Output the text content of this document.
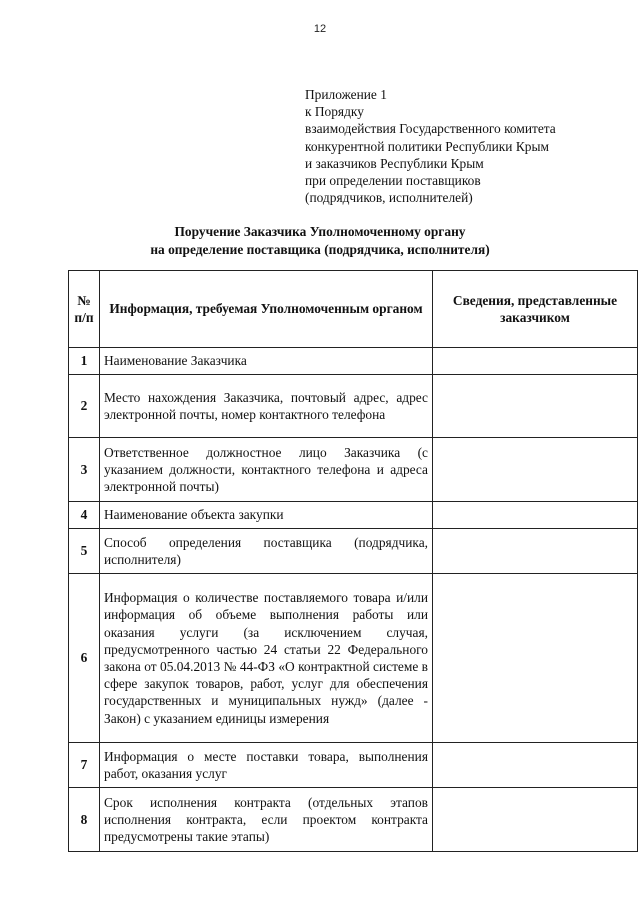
12
Приложение 1
к Порядку
взаимодействия Государственного комитета
конкурентной политики Республики Крым
и заказчиков Республики Крым
при определении поставщиков
(подрядчиков, исполнителей)
Поручение Заказчика Уполномоченному органу
на определение поставщика (подрядчика, исполнителя)
№ п/п	Информация, требуемая Уполномоченным органом	Сведения, представленные заказчиком
1	Наименование Заказчика	
2	Место нахождения Заказчика, почтовый адрес, адрес электронной почты, номер контактного телефона	
3	Ответственное должностное лицо Заказчика (с указанием должности, контактного телефона и адреса электронной почты)	
4	Наименование объекта закупки	
5	Способ определения поставщика (подрядчика, исполнителя)	
6	Информация о количестве поставляемого товара и/или информация об объеме выполнения работы или оказания услуги (за исключением случая, предусмотренного частью 24 статьи 22 Федерального закона от 05.04.2013 № 44-ФЗ «О контрактной системе в сфере закупок товаров, работ, услуг для обеспечения государственных и муниципальных нужд» (далее - Закон) с указанием единицы измерения	
7	Информация о месте поставки товара, выполнения работ, оказания услуг	
8	Срок исполнения контракта (отдельных этапов исполнения контракта, если проектом контракта предусмотрены такие этапы)	
